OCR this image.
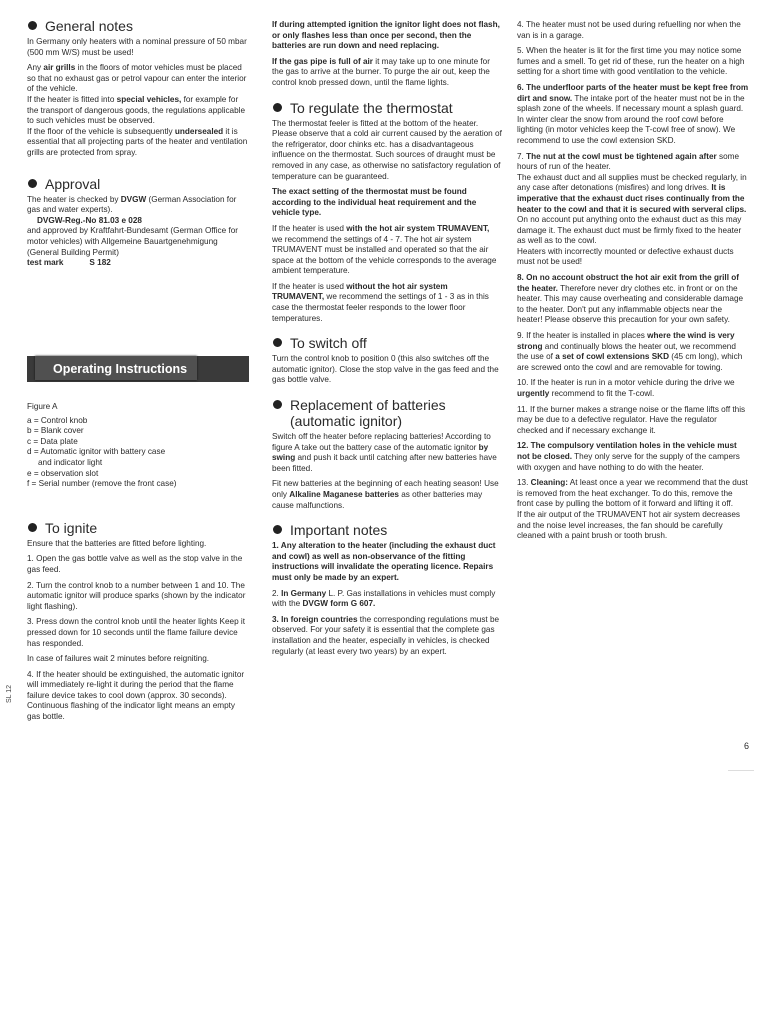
General notes

In Germany only heaters with a nominal pressure of 50 mbar (500 mm W/S) must be used!

Any air grills in the floors of motor vehicles must be placed so that no exhaust gas or petrol vapour can enter the interior of the vehicle.

If the heater is fitted into special vehicles, for example for the transport of dangerous goods, the regulations applicable to such vehicles must be observed.

If the floor of the vehicle is subsequently undersealed it is essential that all projecting parts of the heater and ventilation grills are protected from spray.

Approval

The heater is checked by DVGW (German Association for gas and water experts).

DVGW-Reg.-No 81.03 e 028

and approved by Kraftfahrt-Bundesamt (German Office for motor vehicles) with Allgemeine Bauartgenehmigung (General Building Permit)

test mark	S 182

Operating Instructions

Figure A

a = Control knob

b = Blank cover

c = Data plate

d = Automatic ignitor with battery case

and indicator light

e = observation slot

f = Serial number (remove the front case)

To ignite

Ensure that the batteries are fitted before lighting.

1. Open the gas bottle valve as well as the stop valve in the gas feed.

2. Turn the control knob to a number between 1 and 10. The automatic ignitor will produce sparks (shown by the indicator light flashing).

3. Press down the control knob until the heater lights Keep it pressed down for 10 seconds until the flame failure device has responded.

In case of failures wait 2 minutes before reigniting.

4. If the heater should be extinguished, the automatic ignitor will immediately re-light it during the period that the flame failure device takes to cool down (approx. 30 seconds). Continuous flashing of the indicator light means an empty gas bottle.

SL 12

If during attempted ignition the ignitor light does not flash, or only flashes less than once per second, then the batteries are run down and need replacing.

If the gas pipe is full of air it may take up to one minute for the gas to arrive at the burner. To purge the air out, keep the control knob pressed down, until the flame lights.

To regulate the thermostat

The thermostat feeler is fitted at the bottom of the heater. Please observe that a cold air current caused by the aeration of the refrigerator, door chinks etc. has a disadvantageous influence on the thermostat. Such sources of draught must be removed in any case, as otherwise no satisfactory regulation of temperature can be guaranteed.

The exact setting of the thermostat must be found according to the individual heat requirement and the vehicle type.

If the heater is used with the hot air system TRUMAVENT, we recommend the settings of 4 - 7. The hot air system TRUMAVENT must be installed and operated so that the air space at the bottom of the vehicle corresponds to the average ambient temperature.

If the heater is used without the hot air system TRUMAVENT, we recommend the settings of 1 - 3 as in this case the thermostat feeler responds to the lower floor temperatures.

To switch off

Turn the control knob to position 0 (this also switches off the automatic ignitor). Close the stop valve in the gas feed and the gas bottle valve.

Replacement of batteries
(automatic ignitor)

Switch off the heater before replacing batteries! According to figure A take out the battery case of the automatic ignitor by swing and push it back until catching after new batteries have been fitted.

Fit new batteries at the beginning of each heating season! Use only Alkaline Maganese batteries as other batteries may cause malfunctions.

Important notes

1. Any alteration to the heater (including the exhaust duct and cowl) as well as non-observance of the fitting instructions will invalidate the operating licence. Repairs must only be made by an expert.

2. In Germany L. P. Gas installations in vehicles must comply with the DVGW form G 607.

3. In foreign countries the corresponding regulations must be observed. For your safety it is essential that the complete gas installation and the heater, especially in vehicles, is checked regularly (at least every two years) by an expert.

4. The heater must not be used during refuelling nor when the van is in a garage.

5. When the heater is lit for the first time you may notice some fumes and a smell. To get rid of these, run the heater on a high setting for a short time with good ventilation to the vehicle.

6. The underfloor parts of the heater must be kept free from dirt and snow. The intake port of the heater must not be in the splash zone of the wheels. If necessary mount a splash guard.

In winter clear the snow from around the roof cowl before lighting (in motor vehicles keep the T-cowl free of snow). We recommend to use the cowl extension SKD.

7. The nut at the cowl must be tightened again after some hours of run of the heater.

The exhaust duct and all supplies must be checked regularly, in any case after detonations (misfires) and long drives. It is imperative that the exhaust duct rises continually from the heater to the cowl and that it is secured with serveral clips. On no account put anything onto the exhaust duct as this may damage it. The exhaust duct must be firmly fixed to the heater as well as to the cowl.

Heaters with incorrectly mounted or defective exhaust ducts must not be used!

8. On no account obstruct the hot air exit from the grill of the heater. Therefore never dry clothes etc. in front or on the heater. This may cause overheating and considerable damage to the heater. Don't put any inflammable objects near the heater! Please observe this precaution for your own safety.

9. If the heater is installed in places where the wind is very strong and continually blows the heater out, we recommend the use of a set of cowl extensions SKD (45 cm long), which are screwed onto the cowl and are removable for towing.

10. If the heater is run in a motor vehicle during the drive we urgently recommend to fit the T-cowl.

11. If the burner makes a strange noise or the flame lifts off this may be due to a defective regulator. Have the regulator checked and if necessary exchange it.

12. The compulsory ventilation holes in the vehicle must not be closed. They only serve for the supply of the campers with oxygen and have nothing to do with the heater.

13. Cleaning: At least once a year we recommend that the dust is removed from the heat exchanger. To do this, remove the front case by pulling the bottom of it forward and lifting it off.

If the air output of the TRUMAVENT hot air system decreases and the noise level increases, the fan should be carefully cleaned with a paint brush or tooth brush.

6
